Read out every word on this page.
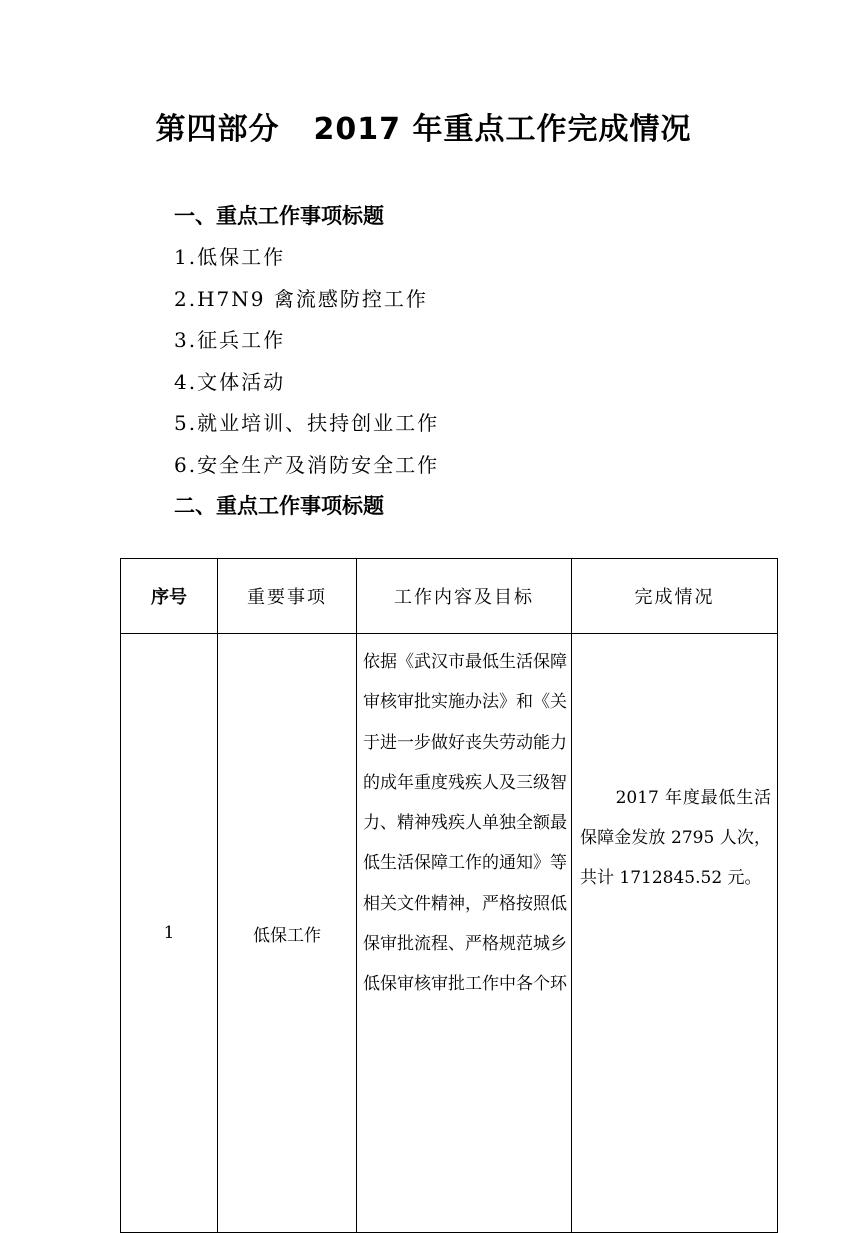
第四部分 2017 年重点工作完成情况
一、重点工作事项标题
1.低保工作
2.H7N9 禽流感防控工作
3.征兵工作
4.文体活动
5.就业培训、扶持创业工作
6.安全生产及消防安全工作
二、重点工作事项标题
序号	重要事项	工作内容及目标	完成情况
1	低保工作	依据《武汉市最低生活保障审核审批实施办法》和《关于进一步做好丧失劳动能力的成年重度残疾人及三级智力、精神残疾人单独全额最低生活保障工作的通知》等相关文件精神，严格按照低保审批流程、严格规范城乡低保审核审批工作中各个环	　　2017 年度最低生活保障金发放 2795 人次，共计 1712845.52 元。
